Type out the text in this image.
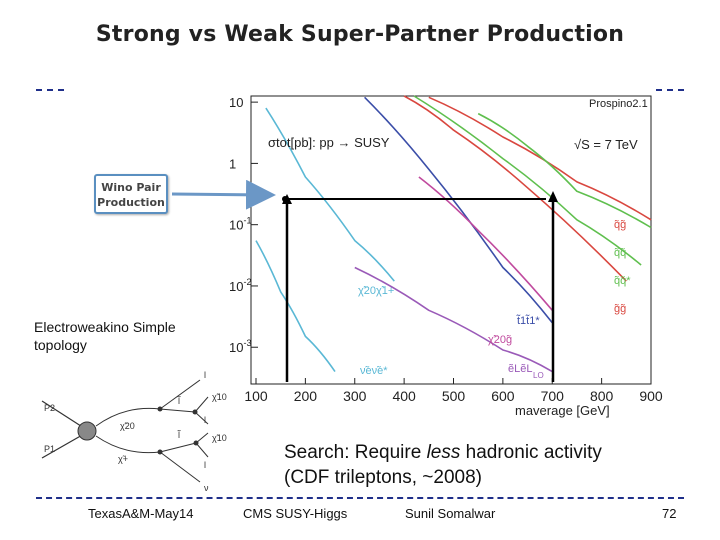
Strong vs Weak Super-Partner Production
100 200 300 400 500 600 700 800 900
10
1
$10^{-1}$
$10^{-2}$
$10^{-3}$
Prospino2.1
σtot[pb]: pp → SUSY	√S = 7 TeV
maverage [GeV]
q̃g̃
q̃q̃
q̃q̃*
g̃g̃
t̃1t̃1*
χ̃20g̃
χ̃20χ̃1+
ν̃eν̃e*	ẽLẽL
LO
P2
P1
χ̃20
χ̃+
l
l̃	χ̃10
l̃
l
χ̃10
l
ν
Wino Pair
Production
Electroweakino Simple
topology
Search: Require less hadronic activity
(CDF trileptons, ~2008)
TexasA&M-May14	CMS SUSY-Higgs	Sunil Somalwar	72
